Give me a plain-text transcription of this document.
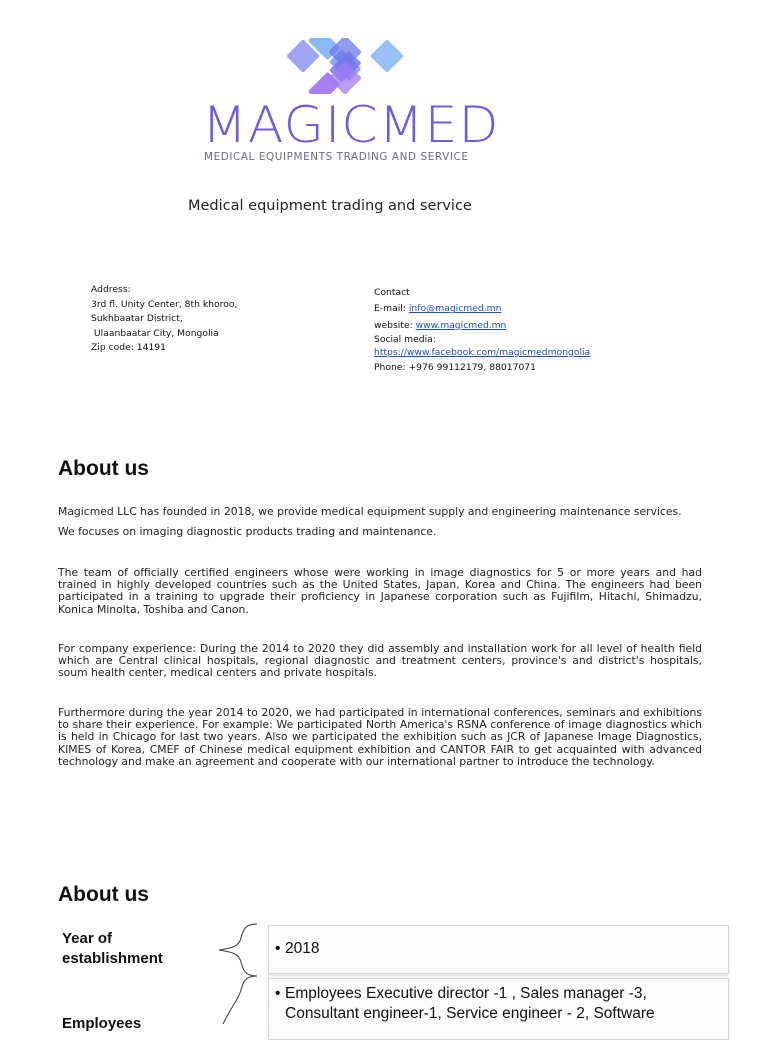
MAGICMED
MEDICAL EQUIPMENTS TRADING AND SERVICE
Medical equipment trading and service
Address:
3rd fl. Unity Center, 8th khoroo,
Sukhbaatar District,
Ulaanbaatar City, Mongolia
Zip code: 14191
Contact
E-mail: info@magicmed.mn
website: www.magicmed.mn
Social media:
https://www.facebook.com/magicmedmongolia
Phone: +976 99112179, 88017071
About us
Magicmed LLC has founded in 2018, we provide medical equipment supply and engineering maintenance services.
We focuses on imaging diagnostic products trading and maintenance.
The team of officially certified engineers whose were working in image diagnostics for 5 or more years and had trained in highly developed countries such as the United States, Japan, Korea and China. The engineers had been participated in a training to upgrade their proficiency in Japanese corporation such as Fujifilm, Hitachi, Shimadzu, Konica Minolta, Toshiba and Canon.
For company experience: During the 2014 to 2020 they did assembly and installation work for all level of health field which are Central clinical hospitals, regional diagnostic and treatment centers, province's and district's hospitals, soum health center, medical centers and private hospitals.
Furthermore during the year 2014 to 2020, we had participated in international conferences, seminars and exhibitions to share their experience. For example: We participated North America's RSNA conference of image diagnostics which is held in Chicago for last two years. Also we participated the exhibition such as JCR of Japanese Image Diagnostics, KIMES of Korea, CMEF of Chinese medical equipment exhibition and CANTOR FAIR to get acquainted with advanced technology and make an agreement and cooperate with our international partner to introduce the technology.
About us
Year of
establishment
• 2018
Employees
• Employees Executive director -1 , Sales manager -3,
Consultant engineer-1, Service engineer - 2, Software
